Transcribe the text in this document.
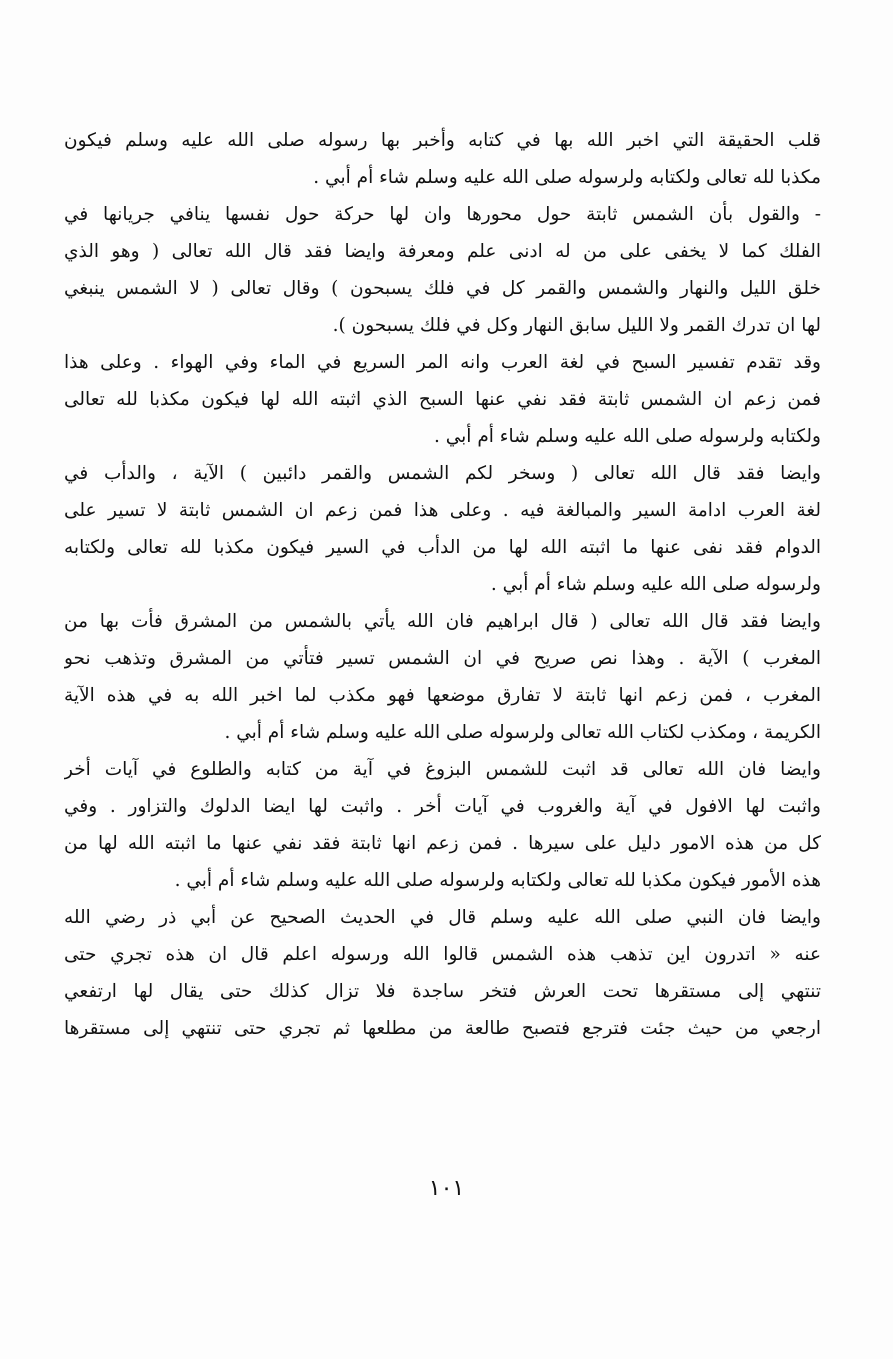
قلب الحقيقة التي اخبر الله بها في كتابه وأخبر بها رسوله صلى الله عليه وسلم فيكون
مكذبا لله تعالى ولكتابه ولرسوله صلى الله عليه وسلم شاء أم أبي .
- والقول بأن الشمس ثابتة حول محورها وان لها حركة حول نفسها ينافي جريانها في
الفلك كما لا يخفى على من له ادنى علم ومعرفة وايضا فقد قال الله تعالى ( وهو الذي
خلق الليل والنهار والشمس والقمر كل في فلك يسبحون ) وقال تعالى ( لا الشمس ينبغي
لها ان تدرك القمر ولا الليل سابق النهار وكل في فلك يسبحون ).
وقد تقدم تفسير السبح في لغة العرب وانه المر السريع في الماء وفي الهواء . وعلى هذا
فمن زعم ان الشمس ثابتة فقد نفي عنها السبح الذي اثبته الله لها فيكون مكذبا لله تعالى
ولكتابه ولرسوله صلى الله عليه وسلم شاء أم أبي .
وايضا فقد قال الله تعالى ( وسخر لكم الشمس والقمر دائبين ) الآية ، والدأب في
لغة العرب ادامة السير والمبالغة فيه . وعلى هذا فمن زعم ان الشمس ثابتة لا تسير على
الدوام فقد نفى عنها ما اثبته الله لها من الدأب في السير فيكون مكذبا لله تعالى ولكتابه
ولرسوله صلى الله عليه وسلم شاء أم أبي .
وايضا فقد قال الله تعالى ( قال ابراهيم فان الله يأتي بالشمس من المشرق فأت بها من
المغرب ) الآية . وهذا نص صريح في ان الشمس تسير فتأتي من المشرق وتذهب نحو
المغرب ، فمن زعم انها ثابتة لا تفارق موضعها فهو مكذب لما اخبر الله به في هذه الآية
الكريمة ، ومكذب لكتاب الله تعالى ولرسوله صلى الله عليه وسلم شاء أم أبي .
وايضا فان الله تعالى قد اثبت للشمس البزوغ في آية من كتابه والطلوع في آيات أخر
واثبت لها الافول في آية والغروب في آيات أخر . واثبت لها ايضا الدلوك والتزاور . وفي
كل من هذه الامور دليل على سيرها . فمن زعم انها ثابتة فقد نفي عنها ما اثبته الله لها من
هذه الأمور فيكون مكذبا لله تعالى ولكتابه ولرسوله صلى الله عليه وسلم شاء أم أبي .
وايضا فان النبي صلى الله عليه وسلم قال في الحديث الصحيح عن أبي ذر رضي الله
عنه « اتدرون اين تذهب هذه الشمس قالوا الله ورسوله اعلم قال ان هذه تجري حتى
تنتهي إلى مستقرها تحت العرش فتخر ساجدة فلا تزال كذلك حتى يقال لها ارتفعي
ارجعي من حيث جئت فترجع فتصبح طالعة من مطلعها ثم تجري حتى تنتهي إلى مستقرها
١٠١
